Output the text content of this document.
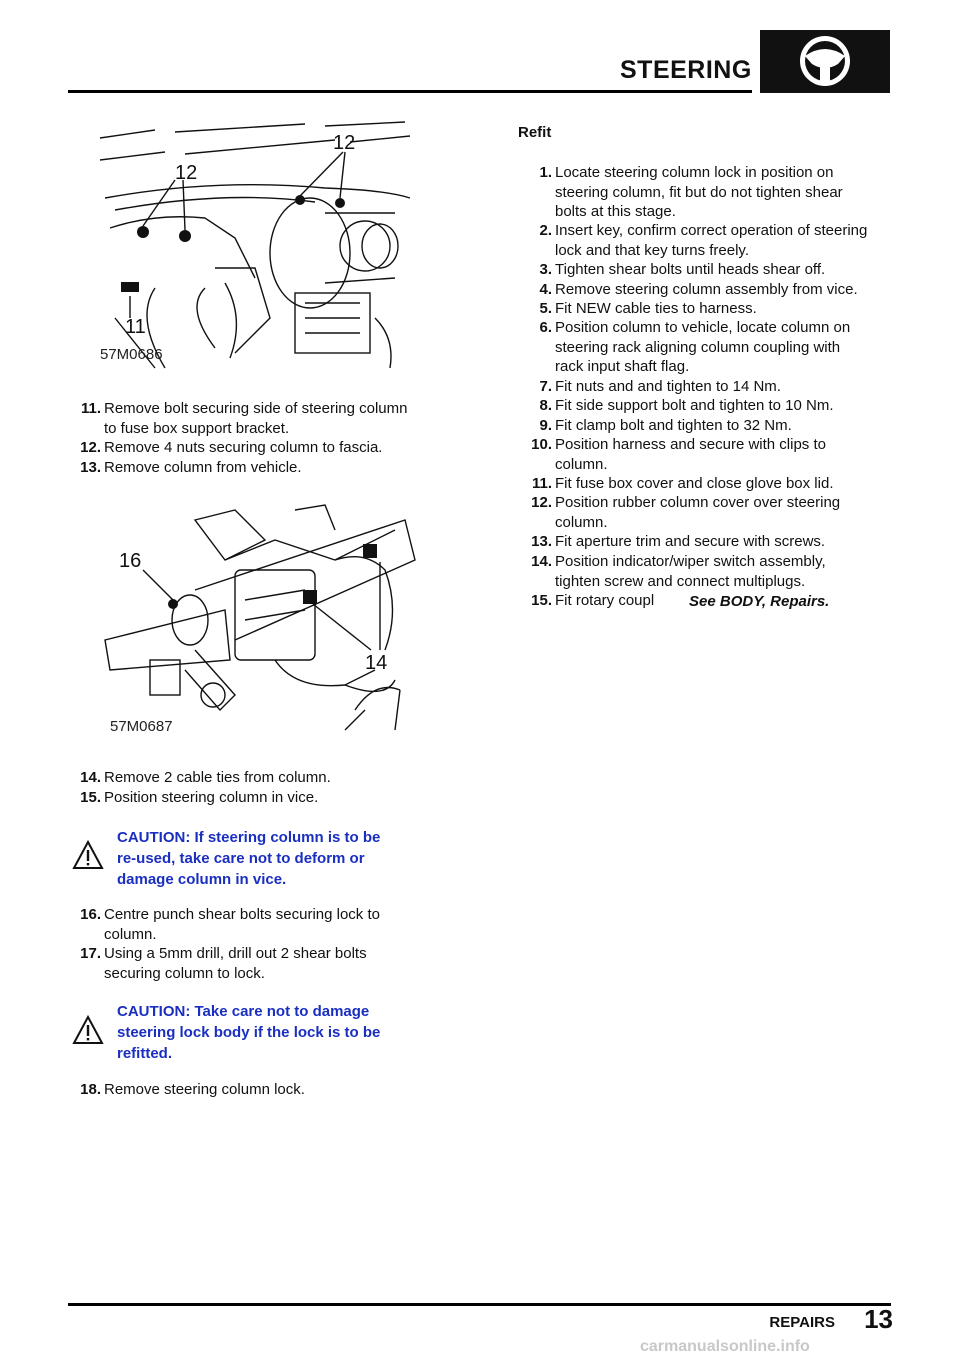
STEERING
12
12
11
57M0686
11. Remove bolt securing side of steering column
to fuse box support bracket.
12. Remove 4 nuts securing column to fascia.
13. Remove column from vehicle.
16
14
57M0687
14. Remove 2 cable ties from column.
15. Position steering column in vice.
CAUTION: If steering column is to be
re-used, take care not to deform or
damage column in vice.
16. Centre punch shear bolts securing lock to
column.
17. Using a 5mm drill, drill out 2 shear bolts
securing column to lock.
CAUTION: Take care not to damage
steering lock body if the lock is to be
refitted.
18. Remove steering column lock.
Refit
1. Locate steering column lock in position on
steering column, fit but do not tighten shear
bolts at this stage.
2. Insert key, confirm correct operation of steering
lock and that key turns freely.
3. Tighten shear bolts until heads shear off.
4. Remove steering column assembly from vice.
5. Fit NEW cable ties to harness.
6. Position column to vehicle, locate column on
steering rack aligning column coupling with
rack input shaft flag.
7. Fit nuts and and tighten to 14 Nm.
8. Fit side support bolt and tighten to 10 Nm.
9. Fit clamp bolt and tighten to 32 Nm.
10. Position harness and secure with clips to
column.
11. Fit fuse box cover and close glove box lid.
12. Position rubber column cover over steering
column.
13. Fit aperture trim and secure with screws.
14. Position indicator/wiper switch assembly,
tighten screw and connect multiplugs.
15. Fit rotary coupl See BODY, Repairs.
REPAIRS	13
carmanualsonline.info
